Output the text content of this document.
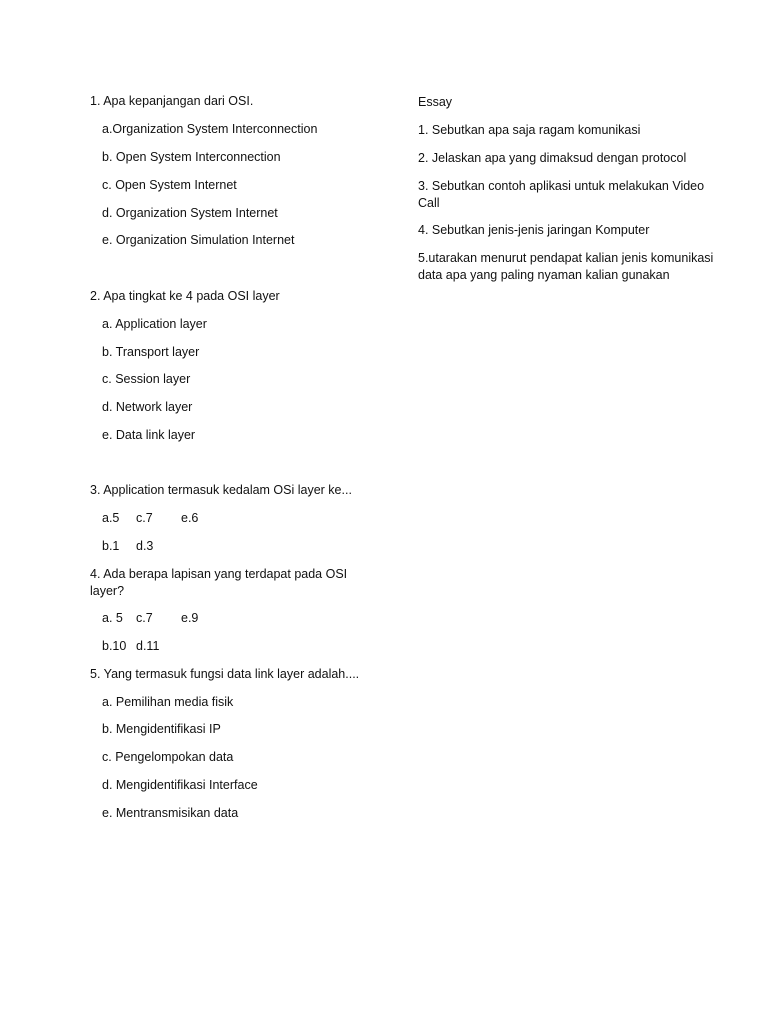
1. Apa kepanjangan dari OSI.
a.Organization System Interconnection
b. Open System Interconnection
c. Open System Internet
d. Organization System Internet
e. Organization Simulation Internet
2. Apa tingkat ke 4 pada OSI layer
a. Application layer
b. Transport layer
c. Session layer
d. Network layer
e. Data link layer
3. Application termasuk kedalam OSi layer ke...
a.5 c.7 e.6
b.1 d.3
4. Ada berapa lapisan yang terdapat pada OSI layer?
a. 5 c.7 e.9
b.10 d.11
5. Yang termasuk fungsi data link layer adalah....
a. Pemilihan media fisik
b. Mengidentifikasi IP
c. Pengelompokan data
d. Mengidentifikasi Interface
e. Mentransmisikan data
Essay
1. Sebutkan apa saja ragam komunikasi
2. Jelaskan apa yang dimaksud dengan protocol
3. Sebutkan contoh aplikasi untuk melakukan Video Call
4. Sebutkan jenis-jenis jaringan Komputer
5.utarakan menurut pendapat kalian jenis komunikasi data apa yang paling nyaman kalian gunakan
